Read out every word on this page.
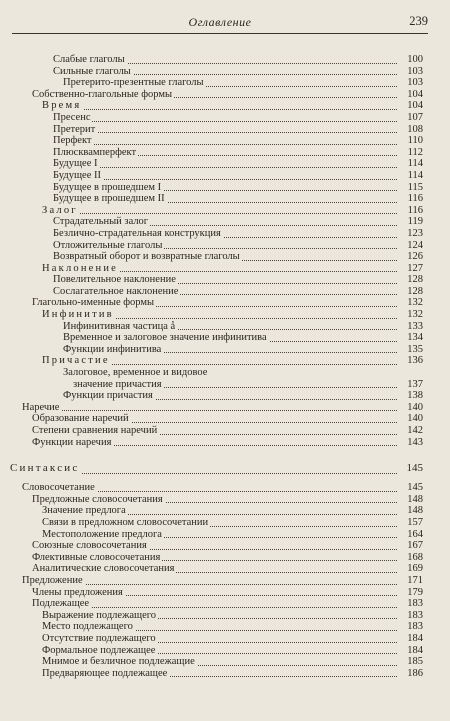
Оглавление	239
Слабые глаголы	100
Сильные глаголы	103
Претерито-презентные глаголы	103
Собственно-глагольные формы	104
Время	104
Пресенс	107
Претерит	108
Перфект	110
Плюсквамперфект	112
Будущее I	114
Будущее II	114
Будущее в прошедшем I	115
Будущее в прошедшем II	116
Залог	116
Страдательный залог	119
Безлично-страдательная конструкция	123
Отложительные глаголы	124
Возвратный оборот и возвратные глаголы	126
Наклонение	127
Повелительное наклонение	128
Сослагательное наклонение	128
Глагольно-именные формы	132
Инфинитив	132
Инфинитивная частица å	133
Временное и залоговое значение инфинитива	134
Функции инфинитива	135
Причастие	136
Залоговое, временное и видовое
значение причастия	137
Функции причастия	138
Наречие	140
Образование наречий	140
Степени сравнения наречий	142
Функции наречия	143
Синтаксис	145
Словосочетание	145
Предложные словосочетания	148
Значение предлога	148
Связи в предложном словосочетании	157
Местоположение предлога	164
Союзные словосочетания	167
Флективные словосочетания	168
Аналитические словосочетания	169
Предложение	171
Члены предложения	179
Подлежащее	183
Выражение подлежащего	183
Место подлежащего	183
Отсутствие подлежащего	184
Формальное подлежащее	184
Мнимое и безличное подлежащие	185
Предваряющее подлежащее	186
